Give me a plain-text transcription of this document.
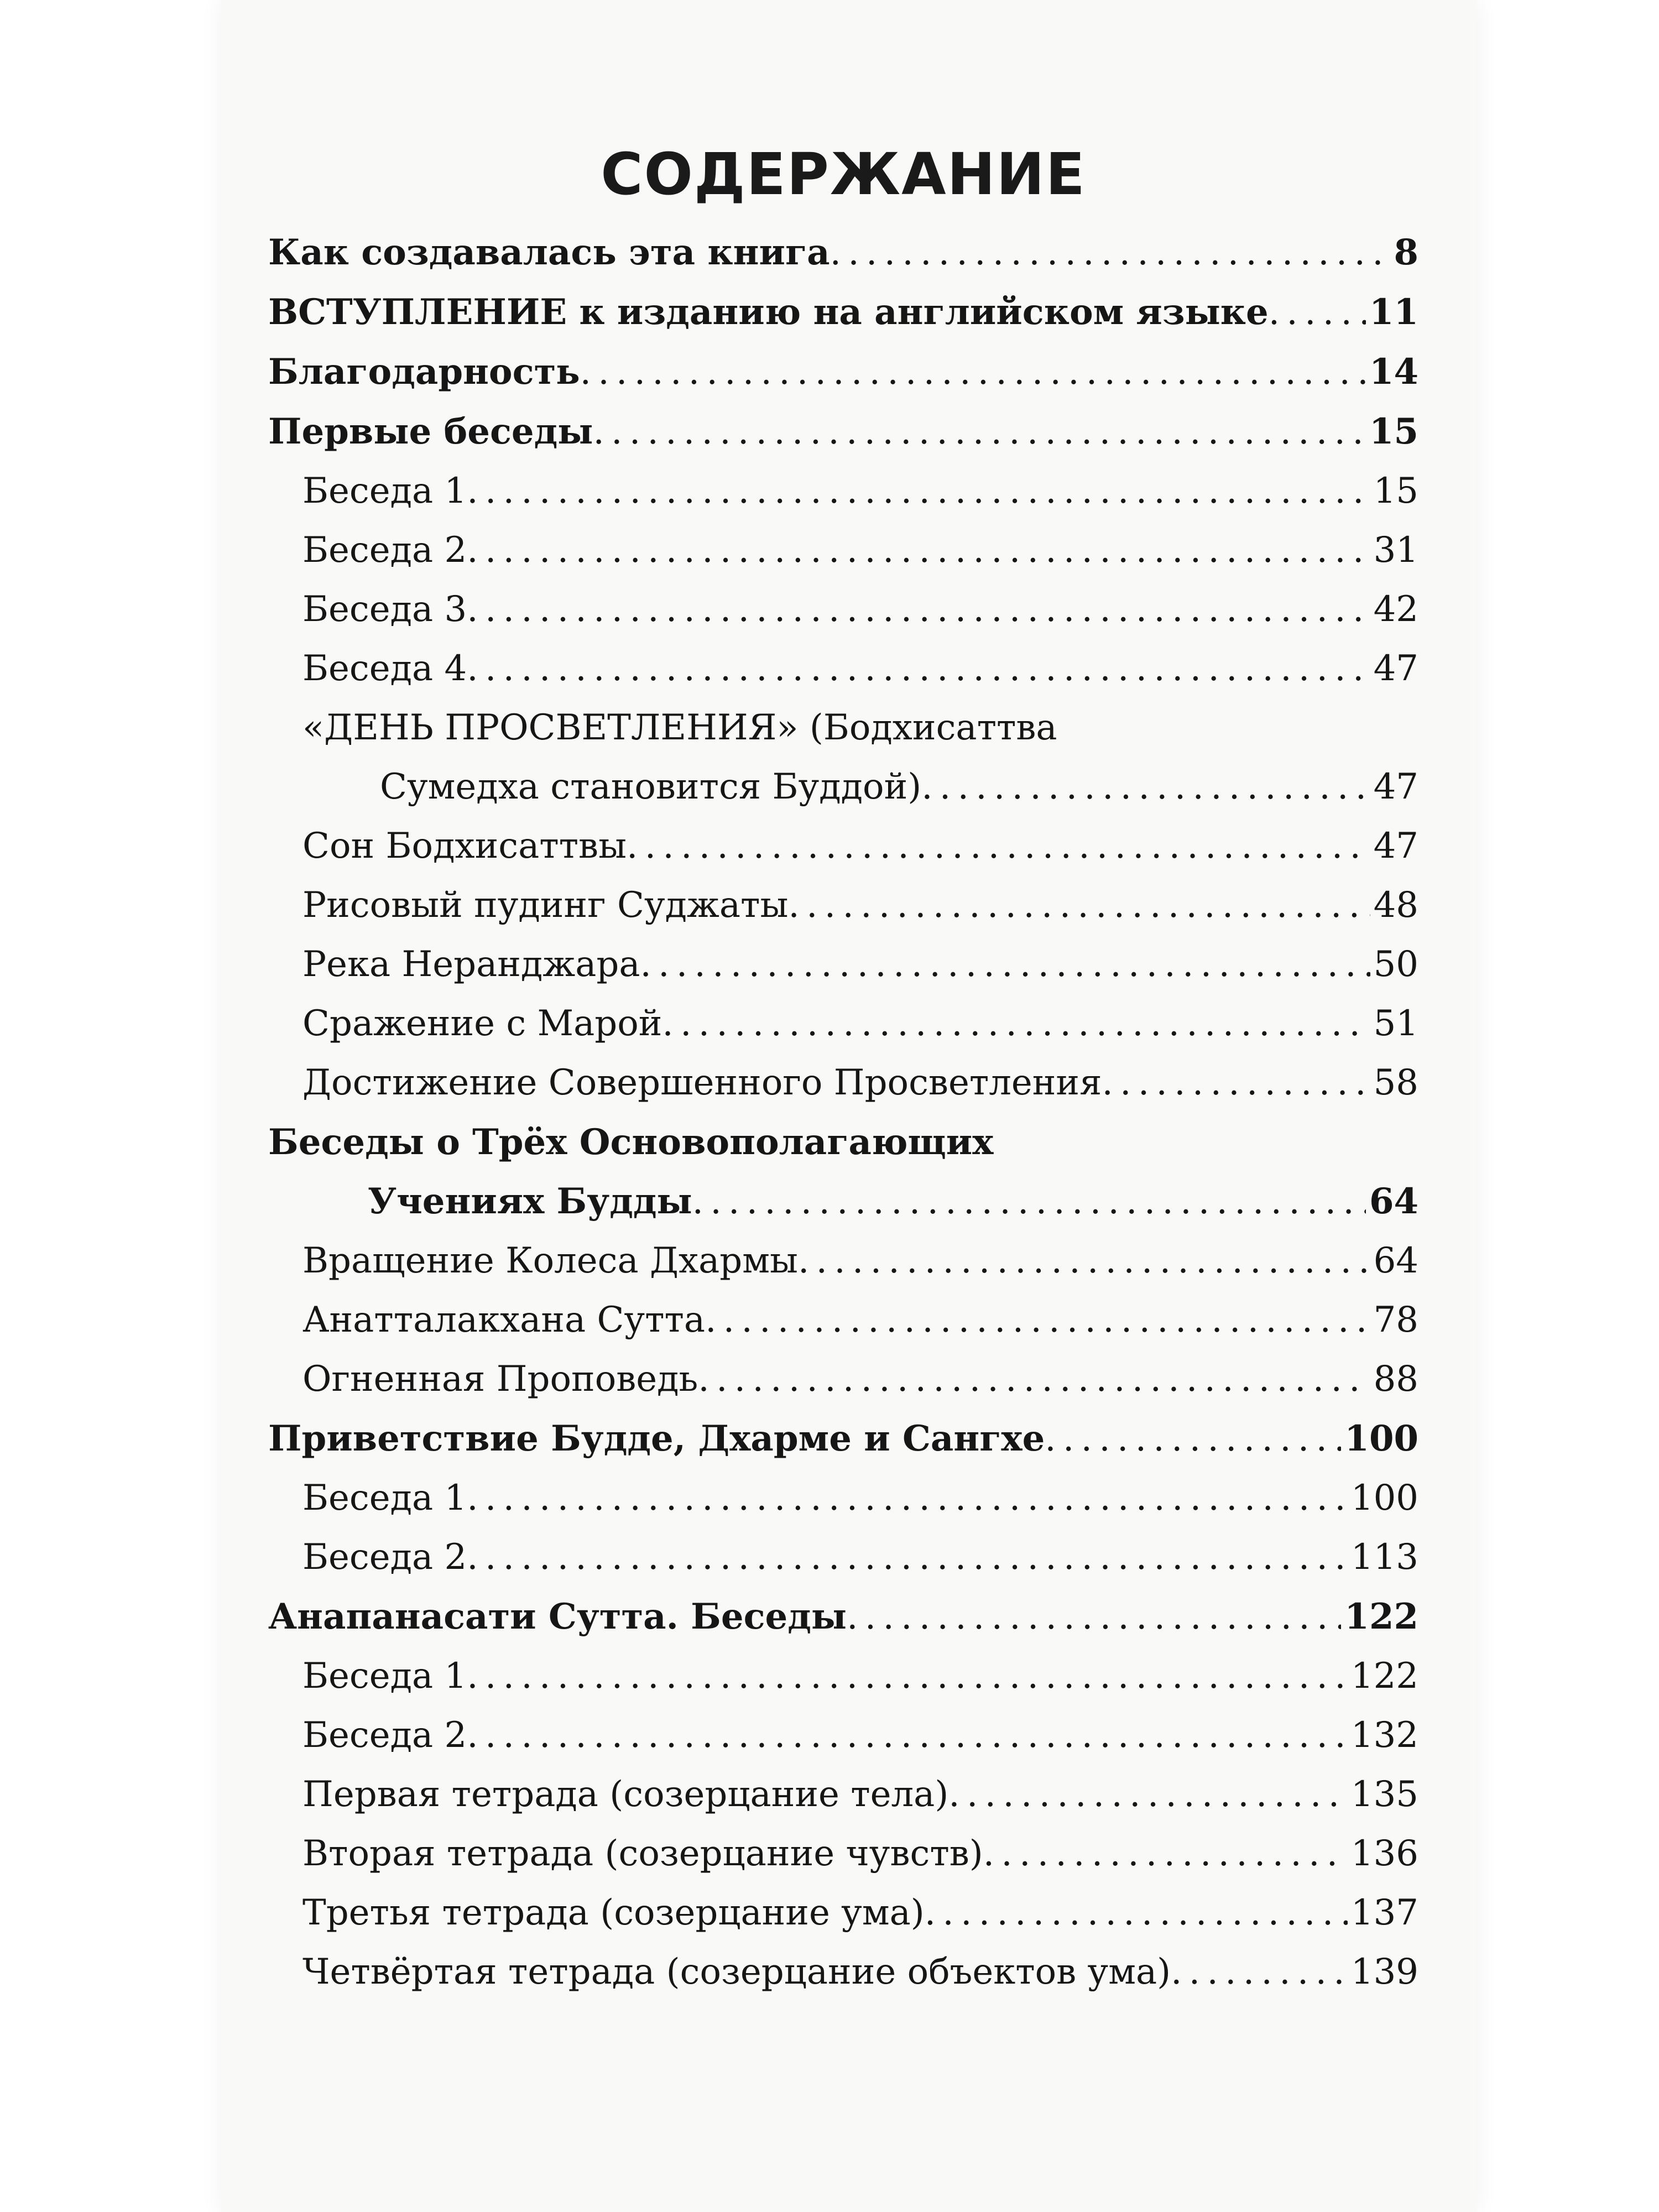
СОДЕРЖАНИЕ
Как создавалась эта книга . . .	8
ВСТУПЛЕНИЕ к изданию на английском языке . . .	11
Благодарность . . .	14
Первые беседы . . .	15
Беседа 1 . . .	15
Беседа 2 . . .	31
Беседа 3 . . .	42
Беседа 4 . . .	47
«ДЕНЬ ПРОСВЕТЛЕНИЯ» (Бодхисаттва
Сумедха становится Буддой) . . .	47
Сон Бодхисаттвы . . .	47
Рисовый пудинг Суджаты . . .	48
Река Неранджара . . .	50
Сражение с Марой . . .	51
Достижение Совершенного Просветления . . .	58
Беседы о Трёх Основополагающих
Учениях Будды . . .	64
Вращение Колеса Дхармы . . .	64
Анатталакхана Сутта . . .	78
Огненная Проповедь . . .	88
Приветствие Будде, Дхарме и Сангхе . . .	100
Беседа 1 . . .	100
Беседа 2 . . .	113
Анапанасати Сутта. Беседы . . .	122
Беседа 1 . . .	122
Беседа 2 . . .	132
Первая тетрада (созерцание тела) . . .	135
Вторая тетрада (созерцание чувств) . . .	136
Третья тетрада (созерцание ума) . . .	137
Четвёртая тетрада (созерцание объектов ума) . . .	139
